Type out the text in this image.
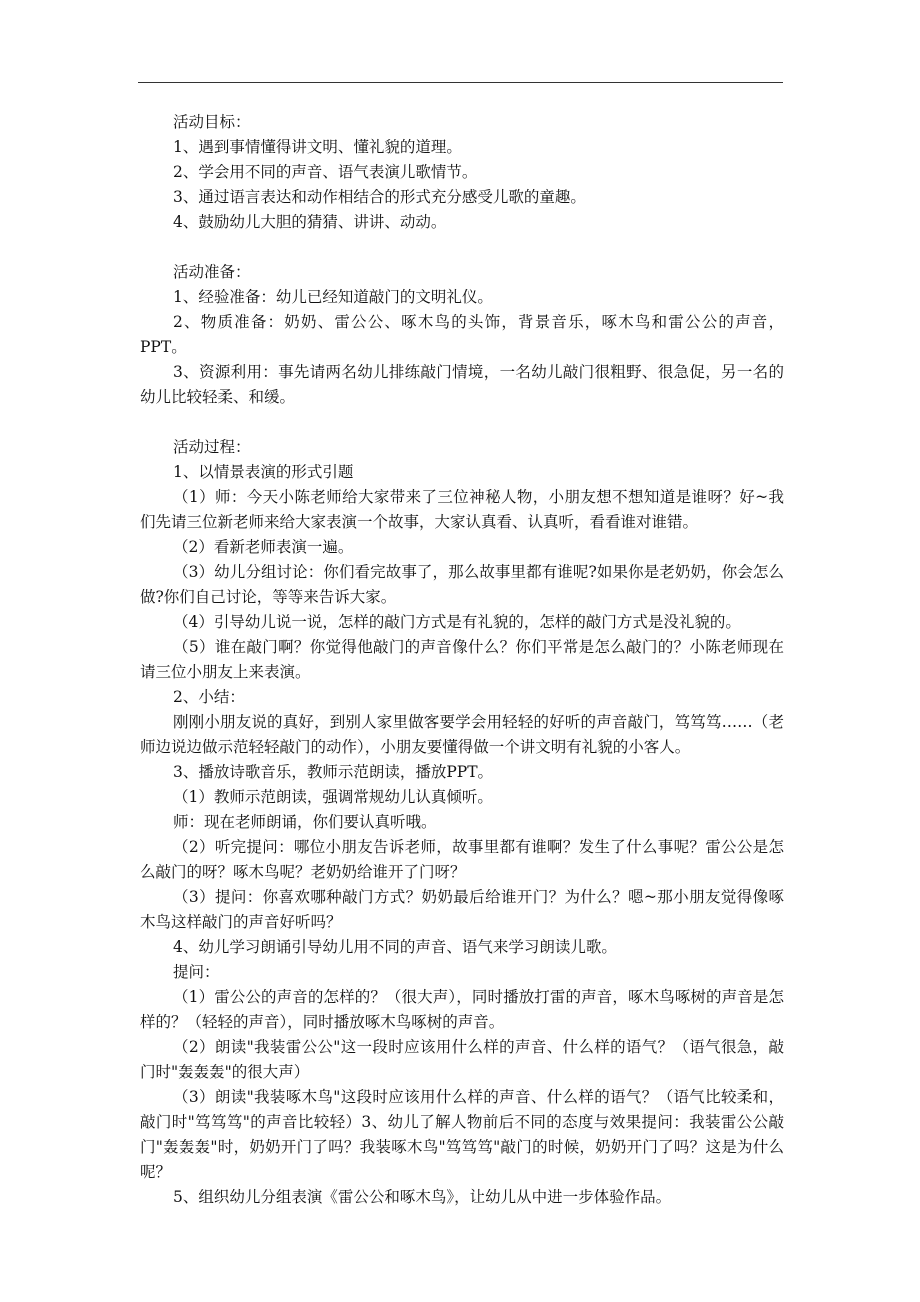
活动目标：

1、遇到事情懂得讲文明、懂礼貌的道理。

2、学会用不同的声音、语气表演儿歌情节。

3、通过语言表达和动作相结合的形式充分感受儿歌的童趣。

4、鼓励幼儿大胆的猜猜、讲讲、动动。

活动准备：

1、经验准备：幼儿已经知道敲门的文明礼仪。

2、物质准备：奶奶、雷公公、啄木鸟的头饰，背景音乐，啄木鸟和雷公公的声音，PPT。

3、资源利用：事先请两名幼儿排练敲门情境，一名幼儿敲门很粗野、很急促，另一名的幼儿比较轻柔、和缓。

活动过程：

1、以情景表演的形式引题

（1）师：今天小陈老师给大家带来了三位神秘人物，小朋友想不想知道是谁呀？好~我们先请三位新老师来给大家表演一个故事，大家认真看、认真听，看看谁对谁错。

（2）看新老师表演一遍。

（3）幼儿分组讨论：你们看完故事了，那么故事里都有谁呢?如果你是老奶奶，你会怎么做?你们自己讨论，等等来告诉大家。

（4）引导幼儿说一说，怎样的敲门方式是有礼貌的，怎样的敲门方式是没礼貌的。

（5）谁在敲门啊？你觉得他敲门的声音像什么？你们平常是怎么敲门的？小陈老师现在请三位小朋友上来表演。

2、小结：

刚刚小朋友说的真好，到别人家里做客要学会用轻轻的好听的声音敲门，笃笃笃……（老师边说边做示范轻轻敲门的动作），小朋友要懂得做一个讲文明有礼貌的小客人。

3、播放诗歌音乐，教师示范朗读，播放PPT。

（1）教师示范朗读，强调常规幼儿认真倾听。

师：现在老师朗诵，你们要认真听哦。

（2）听完提问：哪位小朋友告诉老师，故事里都有谁啊？发生了什么事呢？雷公公是怎么敲门的呀？啄木鸟呢？老奶奶给谁开了门呀？

（3）提问：你喜欢哪种敲门方式？奶奶最后给谁开门？为什么？嗯~那小朋友觉得像啄木鸟这样敲门的声音好听吗？

4、幼儿学习朗诵引导幼儿用不同的声音、语气来学习朗读儿歌。

提问：

（1）雷公公的声音的怎样的？（很大声），同时播放打雷的声音，啄木鸟啄树的声音是怎样的？（轻轻的声音），同时播放啄木鸟啄树的声音。

（2）朗读"我装雷公公"这一段时应该用什么样的声音、什么样的语气？（语气很急，敲门时"轰轰轰"的很大声）

（3）朗读"我装啄木鸟"这段时应该用什么样的声音、什么样的语气？（语气比较柔和，敲门时"笃笃笃"的声音比较轻）3、幼儿了解人物前后不同的态度与效果提问：我装雷公公敲门"轰轰轰"时，奶奶开门了吗？我装啄木鸟"笃笃笃"敲门的时候，奶奶开门了吗？这是为什么呢？

5、组织幼儿分组表演《雷公公和啄木鸟》，让幼儿从中进一步体验作品。
